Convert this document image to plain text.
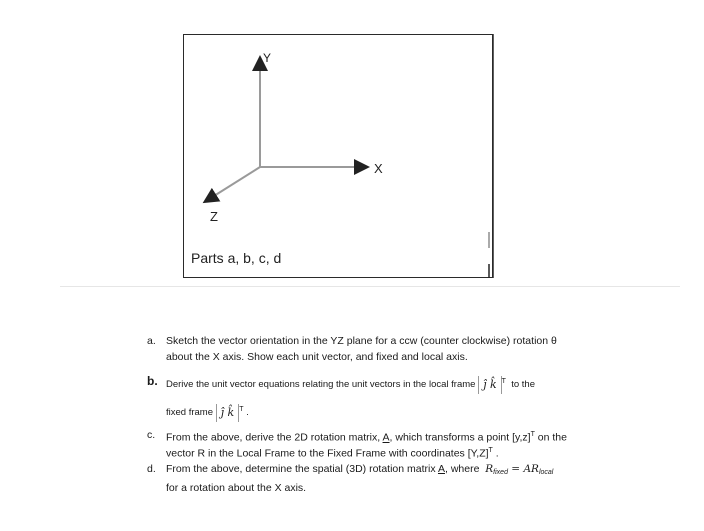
Y
X
Z
Parts a, b, c, d
a. Sketch the vector orientation in the YZ plane for a ccw (counter clockwise) rotation θ
about the X axis. Show each unit vector, and fixed and local axis.
b. Derive the unit vector equations relating the unit vectors in the local frame ĵ k̂ $^T$ to the
fixed frame ĵ k̂ $^T$ .
c. From the above, derive the 2D rotation matrix, A, which transforms a point $[y,z]^T$ on the
vector R in the Local Frame to the Fixed Frame with coordinates $[Y,Z]^T$ .
d. From the above, determine the spatial (3D) rotation matrix A, where $R_{fixed} = AR_{local}$
for a rotation about the X axis.
